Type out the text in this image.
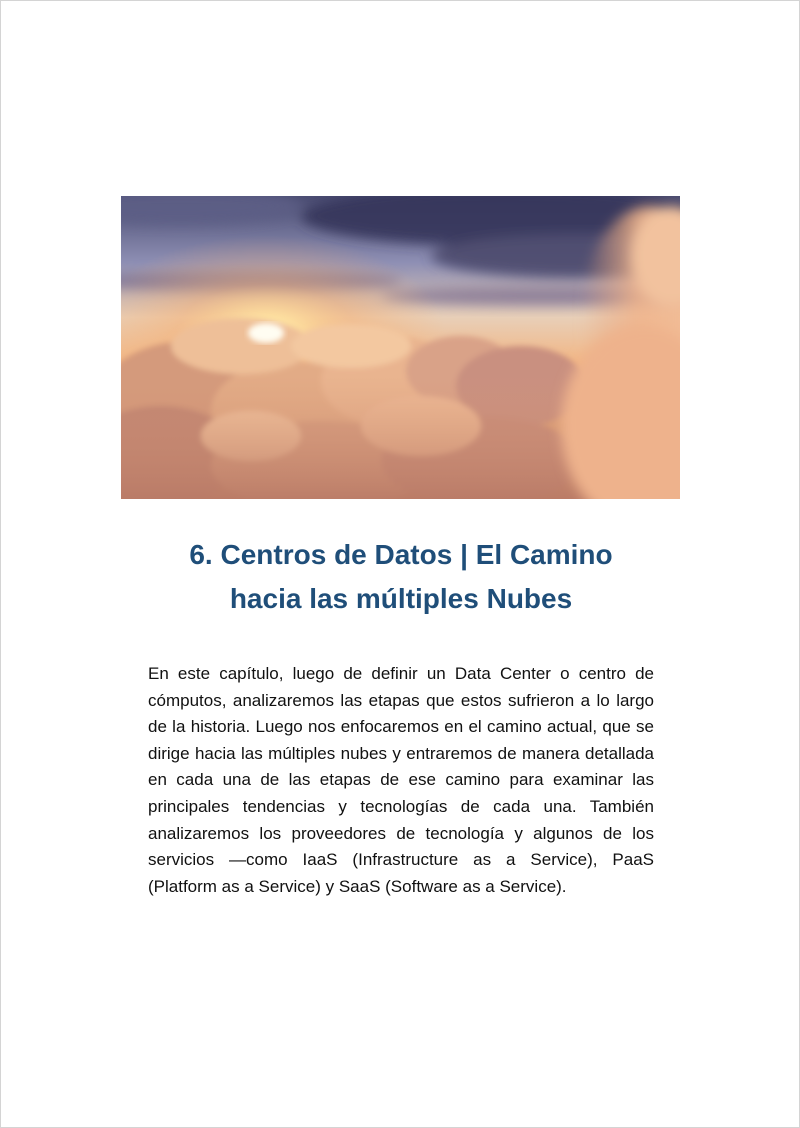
6. Centros de Datos | El Camino
hacia las múltiples Nubes

En este capítulo, luego de definir un Data Center o centro de cómputos, analizaremos las etapas que estos sufrieron a lo largo de la historia. Luego nos enfocaremos en el camino actual, que se dirige hacia las múltiples nubes y entraremos de manera detallada en cada una de las etapas de ese camino para examinar las principales tendencias y tecnologías de cada una. También analizaremos los proveedores de tecnología y algunos de los servicios —como IaaS (Infrastructure as a Service), PaaS (Platform as a Service) y SaaS (Software as a Service).
